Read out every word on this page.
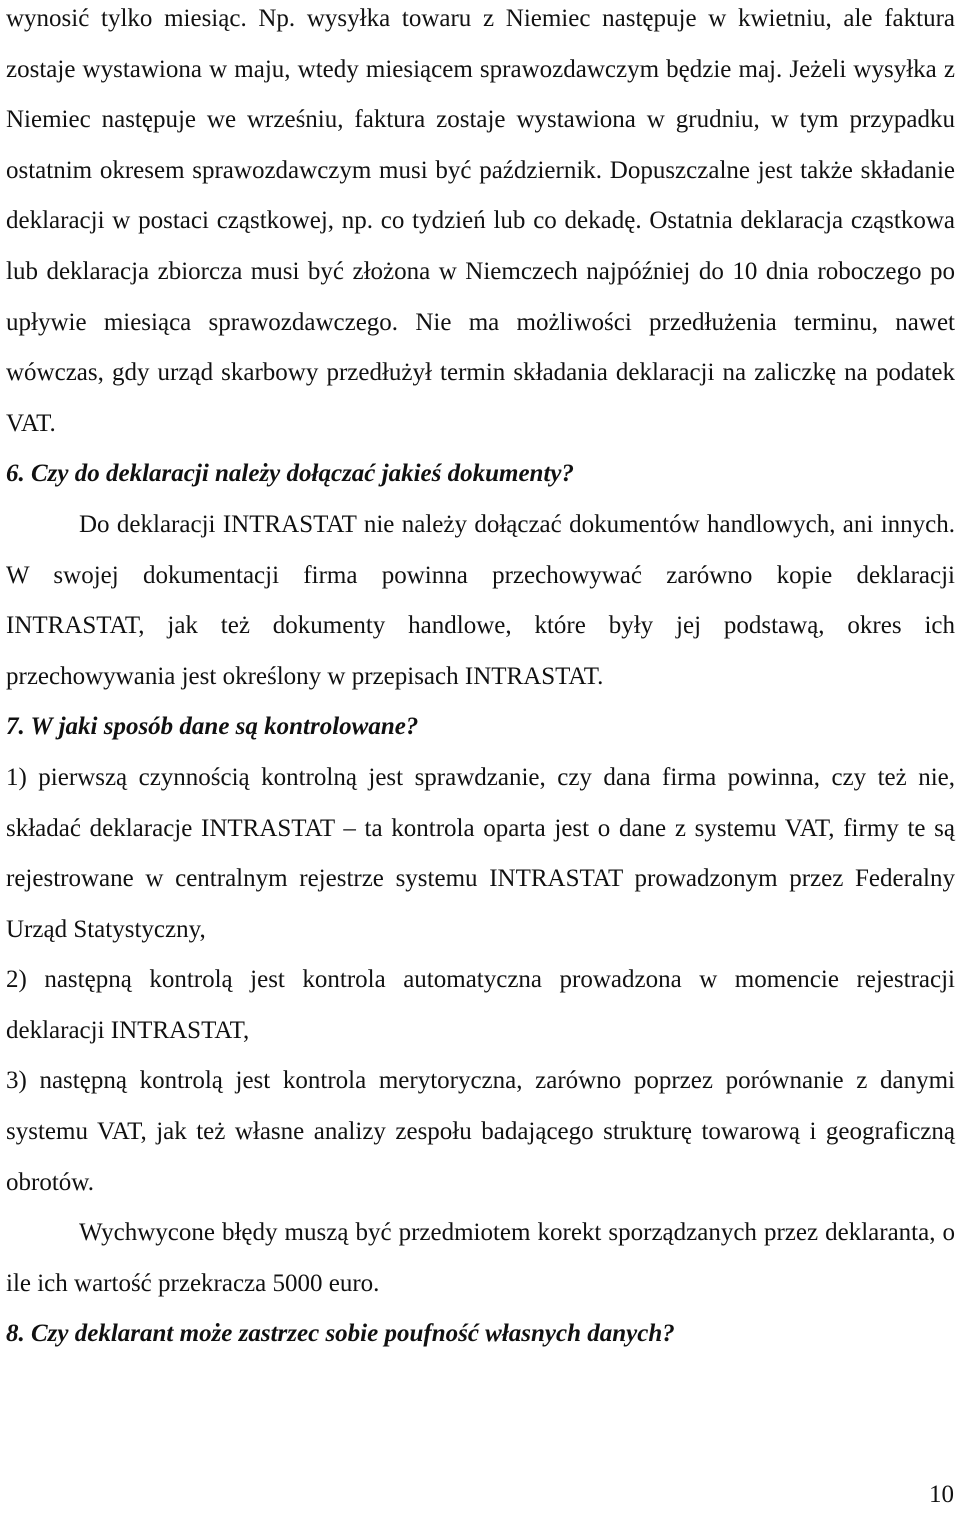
wynosić tylko miesiąc. Np. wysyłka towaru z Niemiec następuje w kwietniu, ale faktura zostaje wystawiona w maju, wtedy miesiącem sprawozdawczym będzie maj. Jeżeli wysyłka z Niemiec następuje we wrześniu, faktura zostaje wystawiona w grudniu, w tym przypadku ostatnim okresem sprawozdawczym musi być październik. Dopuszczalne jest także składanie deklaracji w postaci cząstkowej, np. co tydzień lub co dekadę. Ostatnia deklaracja cząstkowa lub deklaracja zbiorcza musi być złożona w Niemczech najpóźniej do 10 dnia roboczego po upływie miesiąca sprawozdawczego. Nie ma możliwości przedłużenia terminu, nawet wówczas, gdy urząd skarbowy przedłużył termin składania deklaracji na zaliczkę na podatek VAT.

6. Czy do deklaracji należy dołączać jakieś dokumenty?

Do deklaracji INTRASTAT nie należy dołączać dokumentów handlowych, ani innych. W swojej dokumentacji firma powinna przechowywać zarówno kopie deklaracji INTRASTAT, jak też dokumenty handlowe, które były jej podstawą, okres ich przechowywania jest określony w przepisach INTRASTAT.

7. W jaki sposób dane są kontrolowane?

1) pierwszą czynnością kontrolną jest sprawdzanie, czy dana firma powinna, czy też nie, składać deklaracje INTRASTAT – ta kontrola oparta jest o dane z systemu VAT, firmy te są rejestrowane w centralnym rejestrze systemu INTRASTAT prowadzonym przez Federalny Urząd Statystyczny,

2) następną kontrolą jest kontrola automatyczna prowadzona w momencie rejestracji deklaracji INTRASTAT,

3) następną kontrolą jest kontrola merytoryczna, zarówno poprzez porównanie z danymi systemu VAT, jak też własne analizy zespołu badającego strukturę towarową i geograficzną obrotów.

Wychwycone błędy muszą być przedmiotem korekt sporządzanych przez deklaranta, o ile ich wartość przekracza 5000 euro.

8. Czy deklarant może zastrzec sobie poufność własnych danych?

10
